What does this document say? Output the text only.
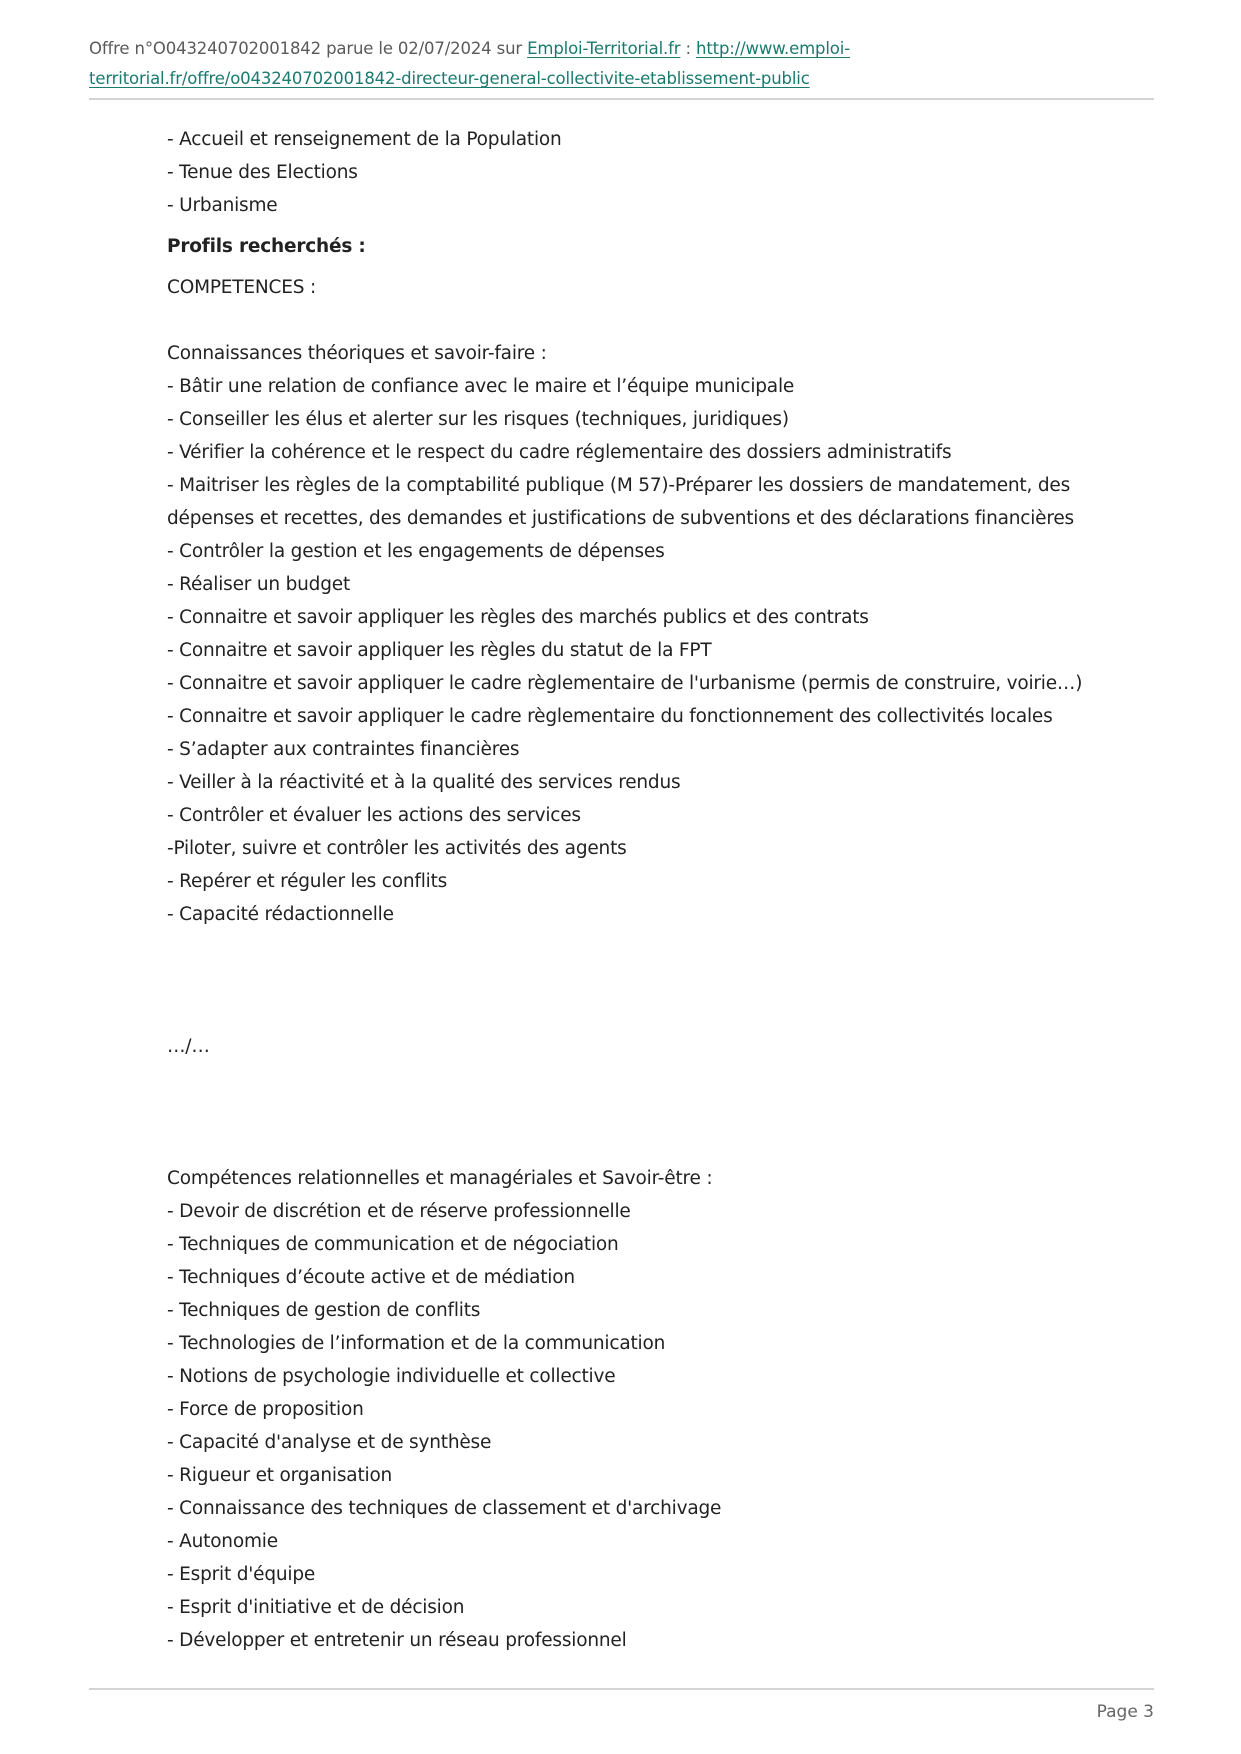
Offre n°O043240702001842 parue le 02/07/2024 sur Emploi-Territorial.fr : http://www.emploi-territorial.fr/offre/o043240702001842-directeur-general-collectivite-etablissement-public
- Accueil et renseignement de la Population
- Tenue des Elections
- Urbanisme
Profils recherchés :
COMPETENCES :
Connaissances théoriques et savoir-faire :
- Bâtir une relation de confiance avec le maire et l’équipe municipale
- Conseiller les élus et alerter sur les risques (techniques, juridiques)
- Vérifier la cohérence et le respect du cadre réglementaire des dossiers administratifs
- Maitriser les règles de la comptabilité publique (M 57)-Préparer les dossiers de mandatement, des dépenses et recettes, des demandes et justifications de subventions et des déclarations financières
- Contrôler la gestion et les engagements de dépenses
- Réaliser un budget
- Connaitre et savoir appliquer les règles des marchés publics et des contrats
- Connaitre et savoir appliquer les règles du statut de la FPT
- Connaitre et savoir appliquer le cadre règlementaire de l'urbanisme (permis de construire, voirie…)
- Connaitre et savoir appliquer le cadre règlementaire du fonctionnement des collectivités locales
- S’adapter aux contraintes financières
- Veiller à la réactivité et à la qualité des services rendus
- Contrôler et évaluer les actions des services
-Piloter, suivre et contrôler les activités des agents
- Repérer et réguler les conflits
- Capacité rédactionnelle
…/…
Compétences relationnelles et managériales et Savoir-être :
- Devoir de discrétion et de réserve professionnelle
- Techniques de communication et de négociation
- Techniques d’écoute active et de médiation
- Techniques de gestion de conflits
- Technologies de l’information et de la communication
- Notions de psychologie individuelle et collective
- Force de proposition
- Capacité d'analyse et de synthèse
- Rigueur et organisation
- Connaissance des techniques de classement et d'archivage
- Autonomie
- Esprit d'équipe
- Esprit d'initiative et de décision
- Développer et entretenir un réseau professionnel
Page 3
